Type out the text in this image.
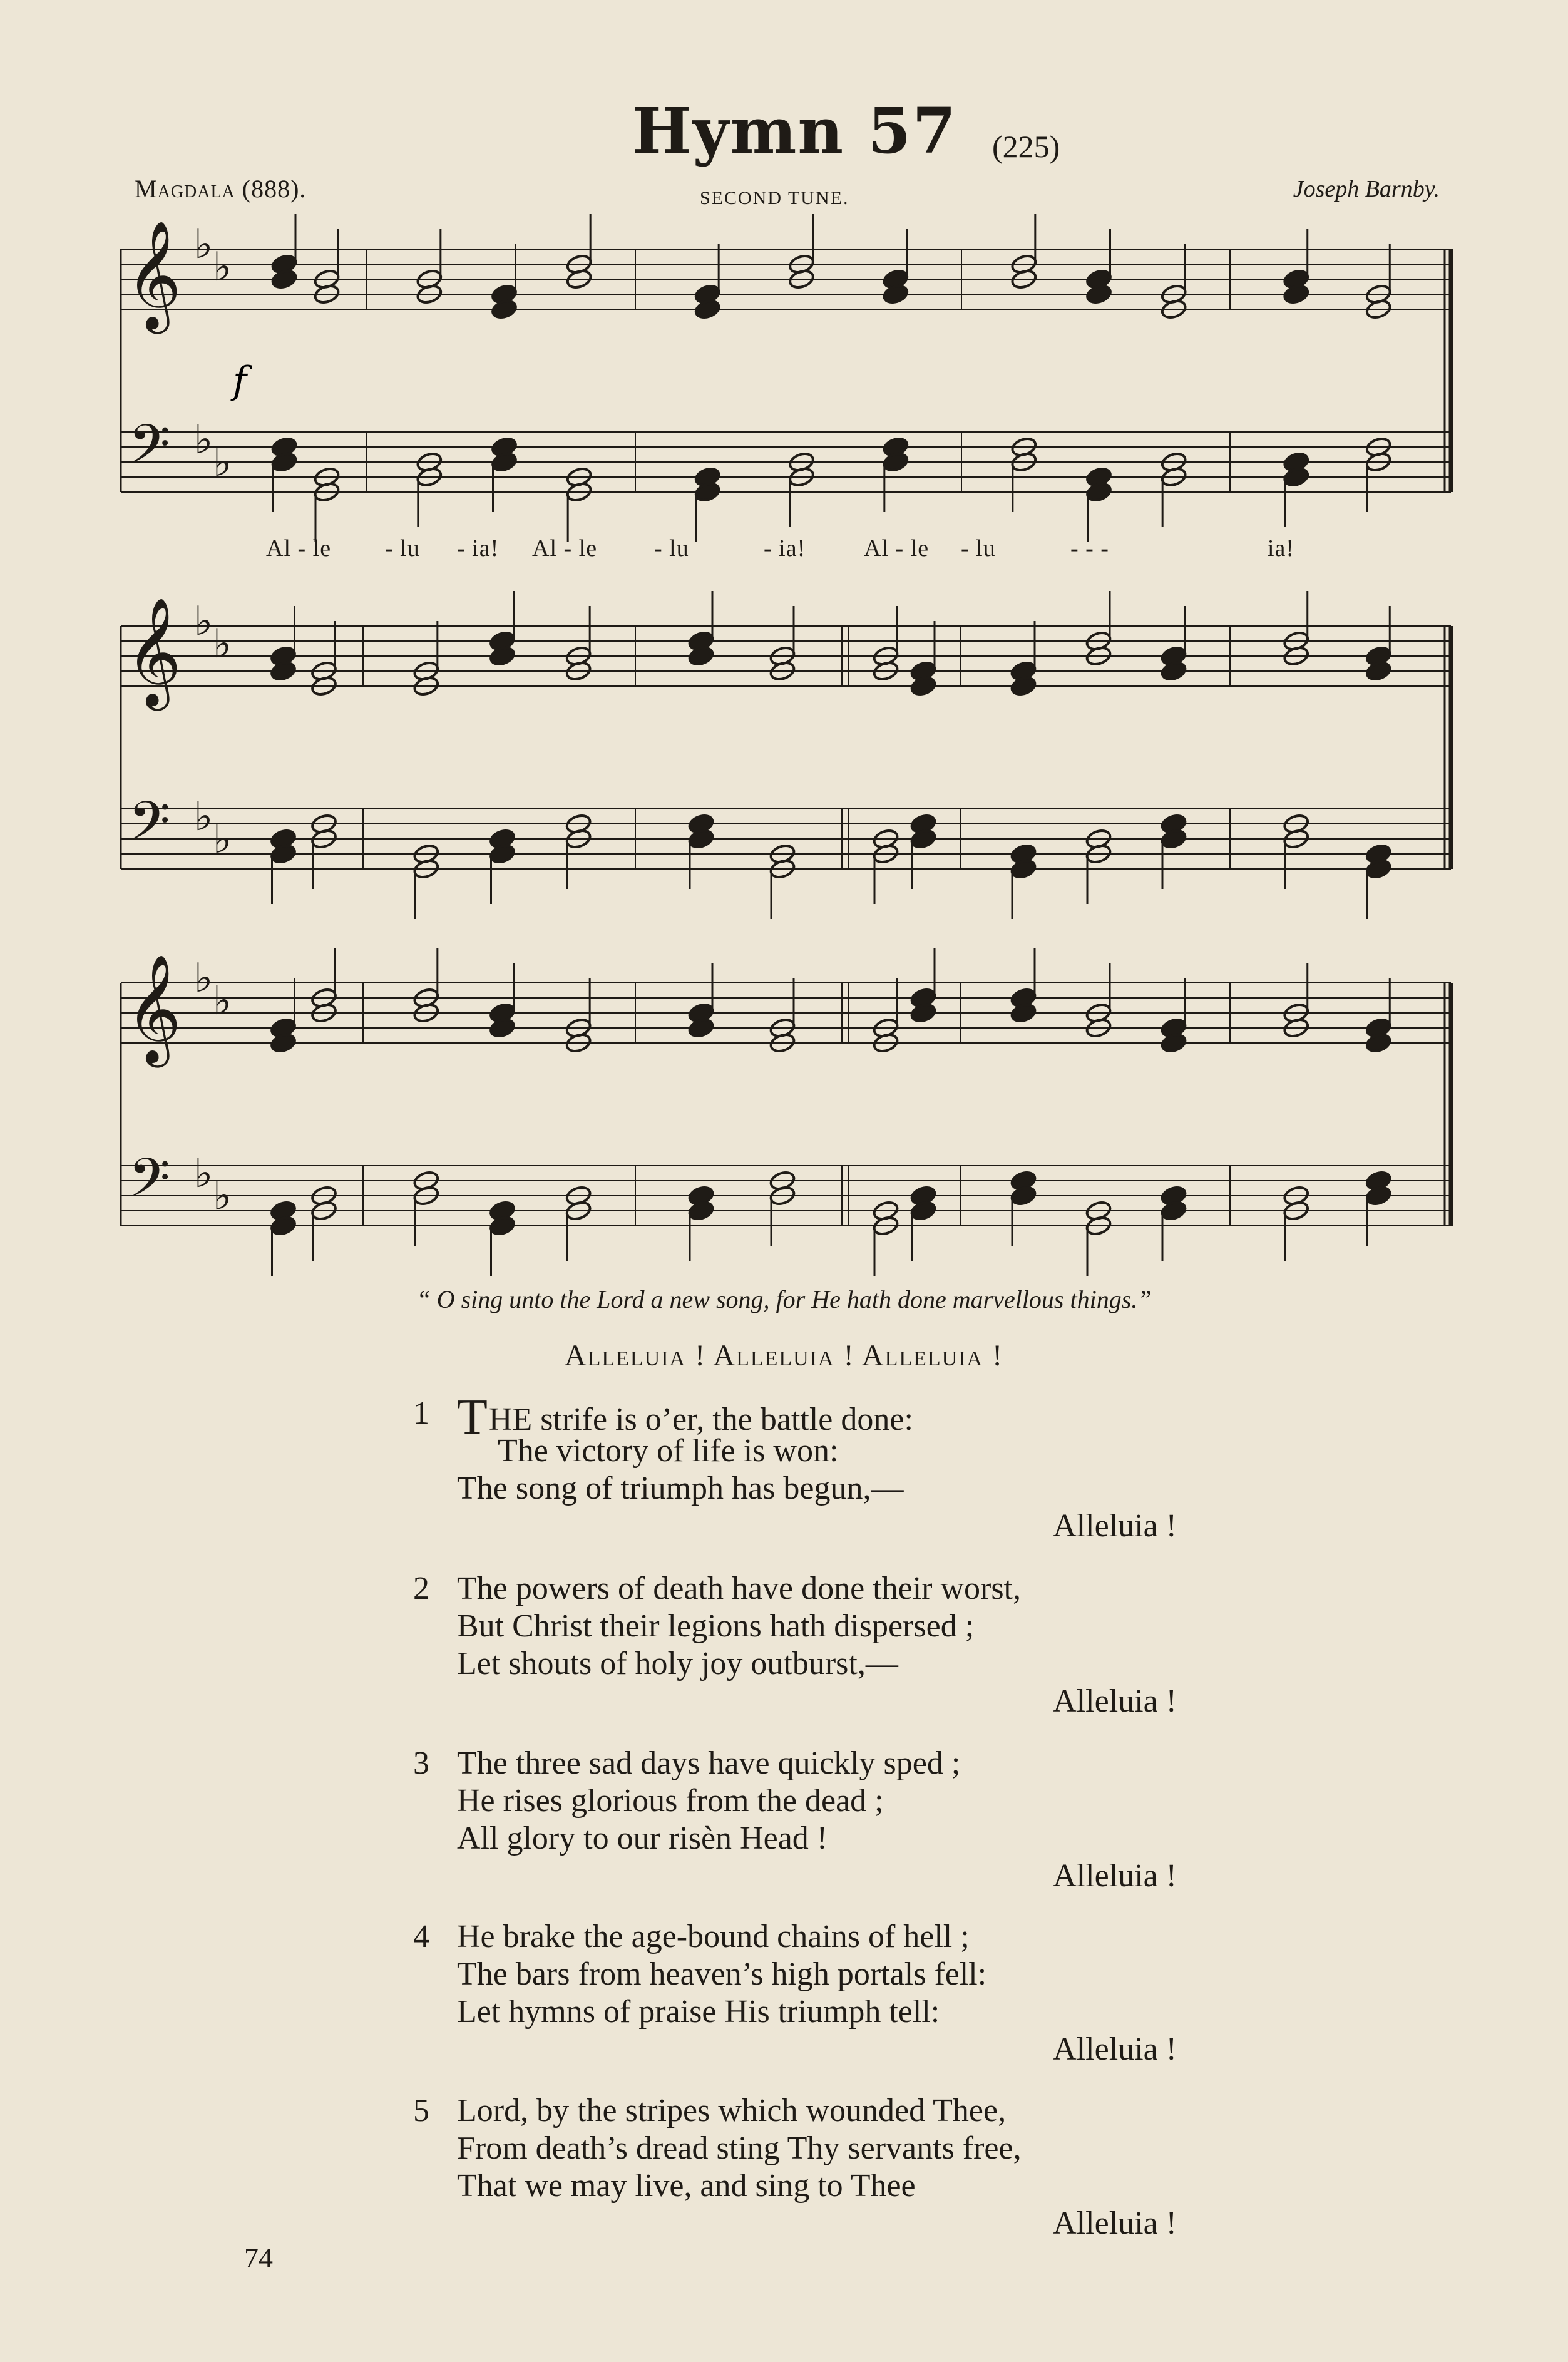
Hymn 57 (225)
Magdala (888).	SECOND TUNE.	Joseph Barnby.
𝄞
𝄢
♭ ♭
♭ ♭
𝄞
𝄢
♭ ♭
♭ ♭
𝄞
𝄢
♭ ♭
♭ ♭
f
Al - le - lu - ia! Al - le - lu	- ia! Al - le - lu	- - -	ia!
“ O sing unto the Lord a new song, for He hath done marvellous things.”
Alleluia ! Alleluia ! Alleluia !
1 THE strife is o’er, the battle done:
The victory of life is won:
The song of triumph has begun,—
Alleluia !
2 The powers of death have done their worst,
But Christ their legions hath dispersed ;
Let shouts of holy joy outburst,—
Alleluia !
3 The three sad days have quickly sped ;
He rises glorious from the dead ;
All glory to our risèn Head !
Alleluia !
4 He brake the age-bound chains of hell ;
The bars from heaven’s high portals fell:
Let hymns of praise His triumph tell:
Alleluia !
5 Lord, by the stripes which wounded Thee,
From death’s dread sting Thy servants free,
That we may live, and sing to Thee
Alleluia !
74
